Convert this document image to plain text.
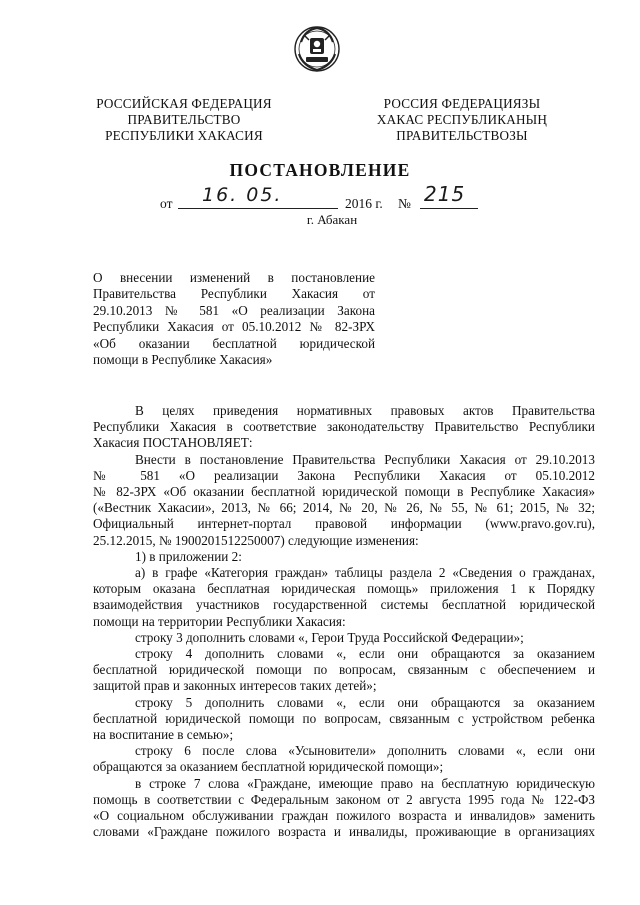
РОССИЙСКАЯ ФЕДЕРАЦИЯ
ПРАВИТЕЛЬСТВО
РЕСПУБЛИКИ ХАКАСИЯ
РОССИЯ ФЕДЕРАЦИЯЗЫ
ХАКАС РЕСПУБЛИКАНЫҢ
ПРАВИТЕЛЬСТВОЗЫ
ПОСТАНОВЛЕНИЕ
от 16. 05.	2016 г. № 215
г. Абакан
О внесении изменений в постановление
Правительства Республики Хакасия от
29.10.2013 № 581 «О реализации Закона
Республики Хакасия от 05.10.2012 № 82-ЗРХ
«Об оказании бесплатной юридической
помощи в Республике Хакасия»
В целях приведения нормативных правовых актов Правительства
Республики Хакасия в соответствие законодательству Правительство Республики
Хакасия ПОСТАНОВЛЯЕТ:
Внести в постановление Правительства Республики Хакасия от 29.10.2013
№ 581 «О реализации Закона Республики Хакасия от 05.10.2012
№ 82-ЗРХ «Об оказании бесплатной юридической помощи в Республике Хакасия»
(«Вестник Хакасии», 2013, № 66; 2014, № 20, № 26, № 55, № 61; 2015, № 32;
Официальный интернет-портал правовой информации (www.pravo.gov.ru),
25.12.2015, № 1900201512250007) следующие изменения:
1) в приложении 2:
а) в графе «Категория граждан» таблицы раздела 2 «Сведения о гражданах,
которым оказана бесплатная юридическая помощь» приложения 1 к Порядку
взаимодействия участников государственной системы бесплатной юридической
помощи на территории Республики Хакасия:
строку 3 дополнить словами «, Герои Труда Российской Федерации»;
строку 4 дополнить словами «, если они обращаются за оказанием
бесплатной юридической помощи по вопросам, связанным с обеспечением и
защитой прав и законных интересов таких детей»;
строку 5 дополнить словами «, если они обращаются за оказанием
бесплатной юридической помощи по вопросам, связанным с устройством ребенка
на воспитание в семью»;
строку 6 после слова «Усыновители» дополнить словами «, если они
обращаются за оказанием бесплатной юридической помощи»;
в строке 7 слова «Граждане, имеющие право на бесплатную юридическую
помощь в соответствии с Федеральным законом от 2 августа 1995 года № 122-ФЗ
«О социальном обслуживании граждан пожилого возраста и инвалидов» заменить
словами «Граждане пожилого возраста и инвалиды, проживающие в организациях
